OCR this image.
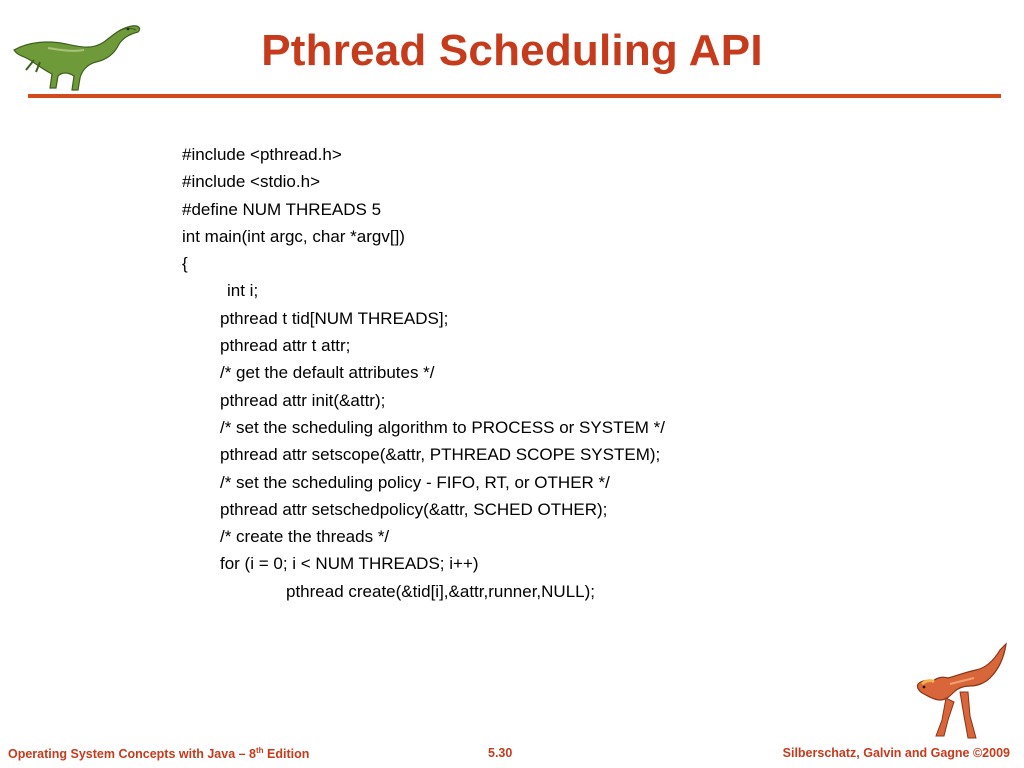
Pthread Scheduling API
#include <pthread.h>
#include <stdio.h>
#define NUM THREADS 5
int main(int argc, char *argv[])
{
int i;
pthread t tid[NUM THREADS];
pthread attr t attr;
/* get the default attributes */
pthread attr init(&attr);
/* set the scheduling algorithm to PROCESS or SYSTEM */
pthread attr setscope(&attr, PTHREAD SCOPE SYSTEM);
/* set the scheduling policy - FIFO, RT, or OTHER */
pthread attr setschedpolicy(&attr, SCHED OTHER);
/* create the threads */
for (i = 0; i < NUM THREADS; i++)
pthread create(&tid[i],&attr,runner,NULL);
Operating System Concepts with Java – 8th Edition	5.30	Silberschatz, Galvin and Gagne ©2009
